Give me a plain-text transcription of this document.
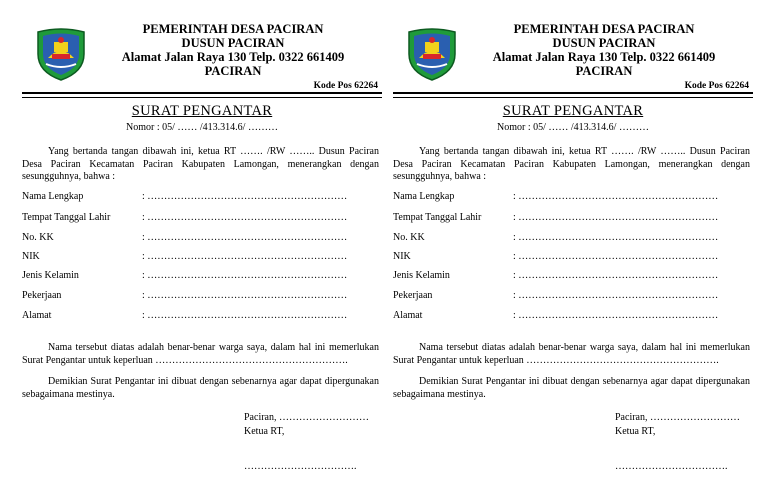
PEMERINTAH DESA PACIRAN
DUSUN PACIRAN
Alamat Jalan Raya 130 Telp. 0322 661409
PACIRAN
Kode Pos 62264
SURAT PENGANTAR
Nomor : 05/ …… /413.314.6/ ………
Yang bertanda tangan dibawah ini, ketua RT ……. /RW …….. Dusun Paciran Desa Paciran Kecamatan Paciran Kabupaten Lamongan, menerangkan dengan sesungguhnya, bahwa :
Nama Lengkap	: ……………………………………………………
Tempat Tanggal Lahir	: ……………………………………………………
No. KK	: ……………………………………………………
NIK	: ……………………………………………………
Jenis Kelamin	: ……………………………………………………
Pekerjaan	: ……………………………………………………
Alamat	: ……………………………………………………
Nama tersebut diatas adalah benar-benar warga saya, dalam hal ini memerlukan Surat Pengantar untuk keperluan ………………………………………………….
Demikian Surat Pengantar ini dibuat dengan sebenarnya agar dapat dipergunakan sebagaimana mestinya.
Paciran, ………………………
Ketua RT,
…………………………….
PEMERINTAH DESA PACIRAN
DUSUN PACIRAN
Alamat Jalan Raya 130 Telp. 0322 661409
PACIRAN
Kode Pos 62264
SURAT PENGANTAR
Nomor : 05/ …… /413.314.6/ ………
Yang bertanda tangan dibawah ini, ketua RT ……. /RW …….. Dusun Paciran Desa Paciran Kecamatan Paciran Kabupaten Lamongan, menerangkan dengan sesungguhnya, bahwa :
Nama Lengkap	: ……………………………………………………
Tempat Tanggal Lahir	: ……………………………………………………
No. KK	: ……………………………………………………
NIK	: ……………………………………………………
Jenis Kelamin	: ……………………………………………………
Pekerjaan	: ……………………………………………………
Alamat	: ……………………………………………………
Nama tersebut diatas adalah benar-benar warga saya, dalam hal ini memerlukan Surat Pengantar untuk keperluan ………………………………………………….
Demikian Surat Pengantar ini dibuat dengan sebenarnya agar dapat dipergunakan sebagaimana mestinya.
Paciran, ………………………
Ketua RT,
…………………………….
